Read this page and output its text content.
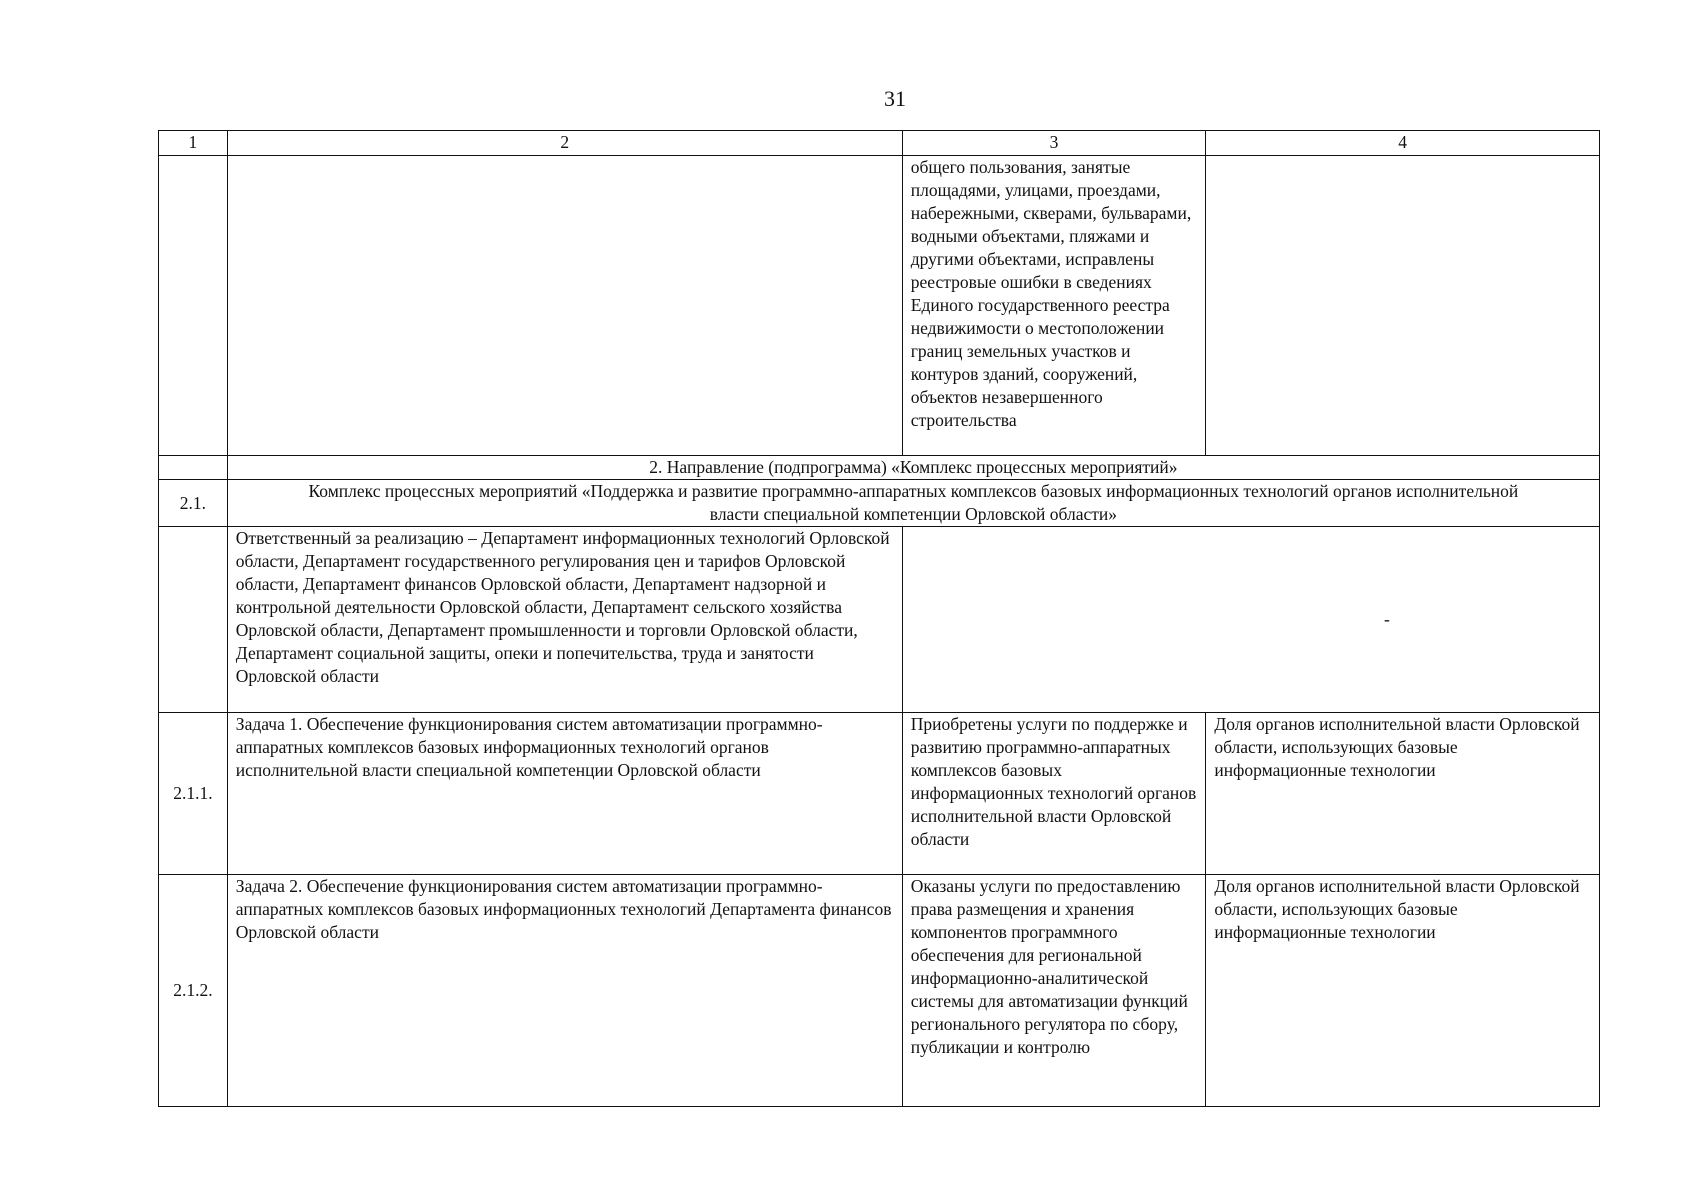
31
1	2	3	4
		общего пользования, занятые площадями, улицами, проездами, набережными, скверами, бульварами, водными объектами, пляжами и другими объектами, исправлены реестровые ошибки в сведениях Единого государственного реестра недвижимости о местоположении границ земельных участков и контуров зданий, сооружений, объектов незавершенного строительства	
	2. Направление (подпрограмма) «Комплекс процессных мероприятий»		
2.1.	Комплекс процессных мероприятий «Поддержка и развитие программно-аппаратных комплексов базовых информационных технологий органов исполнительной власти специальной компетенции Орловской области»		
	Ответственный за реализацию – Департамент информационных технологий Орловской области, Департамент государственного регулирования цен и тарифов Орловской области, Департамент финансов Орловской области, Департамент надзорной и контрольной деятельности Орловской области, Департамент сельского хозяйства Орловской области, Департамент промышленности и торговли Орловской области, Департамент социальной защиты, опеки и попечительства, труда и занятости Орловской области	-	
2.1.1.	Задача 1. Обеспечение функционирования систем автоматизации программно-аппаратных комплексов базовых информационных технологий органов исполнительной власти специальной компетенции Орловской области	Приобретены услуги по поддержке и развитию программно-аппаратных комплексов базовых информационных технологий органов исполнительной власти Орловской области	Доля органов исполнительной власти Орловской области, использующих базовые информационные технологии
2.1.2.	Задача 2. Обеспечение функционирования систем автоматизации программно-аппаратных комплексов базовых информационных технологий Департамента финансов Орловской области	Оказаны услуги по предоставлению права размещения и хранения компонентов программного обеспечения для региональной информационно-аналитической системы для автоматизации функций регионального регулятора по сбору, публикации и контролю	Доля органов исполнительной власти Орловской области, использующих базовые информационные технологии
